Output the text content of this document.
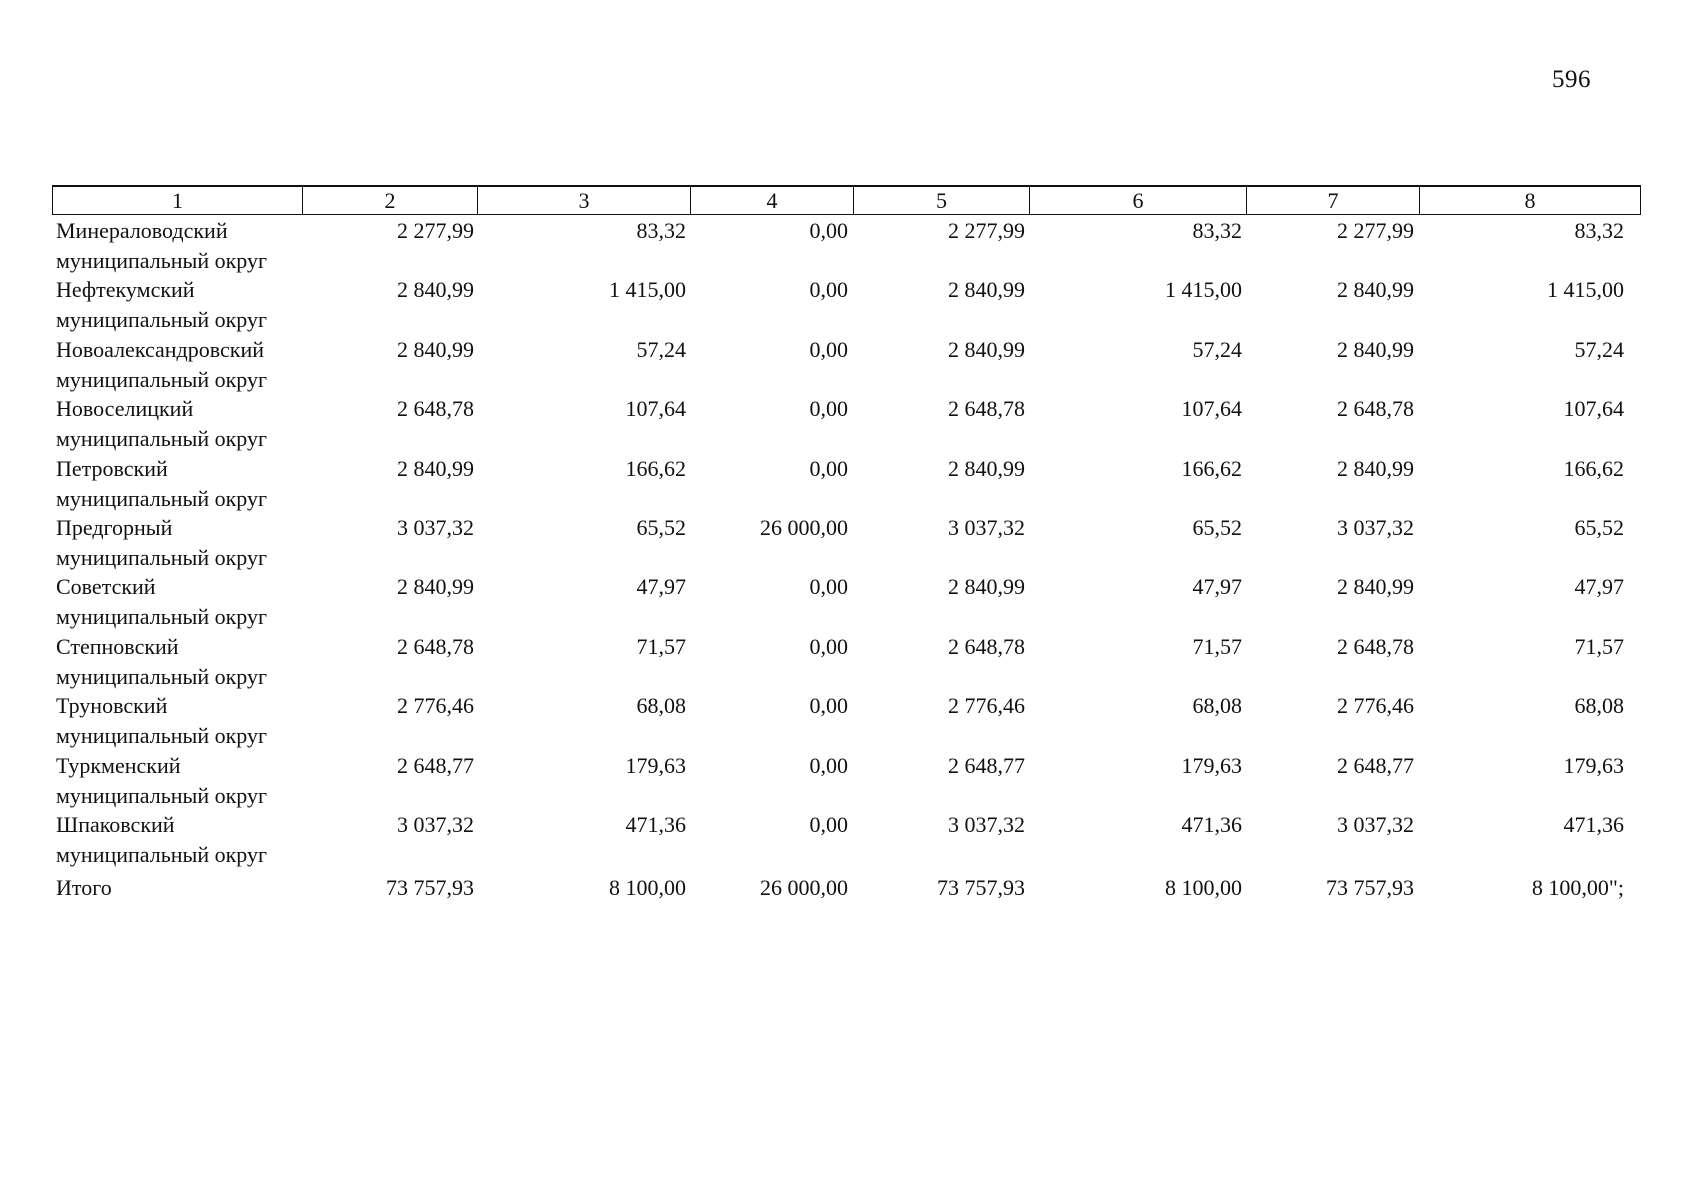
596
1	2	3	4	5	6	7	8
Минераловодский
муниципальный округ
2 277,99	83,32	0,00	2 277,99	83,32	2 277,99	83,32
Нефтекумский
муниципальный округ
2 840,99	1 415,00	0,00	2 840,99	1 415,00	2 840,99	1 415,00
Новоалександровский
муниципальный округ
2 840,99	57,24	0,00	2 840,99	57,24	2 840,99	57,24
Новоселицкий
муниципальный округ
2 648,78	107,64	0,00	2 648,78	107,64	2 648,78	107,64
Петровский
муниципальный округ
2 840,99	166,62	0,00	2 840,99	166,62	2 840,99	166,62
Предгорный
муниципальный округ
3 037,32	65,52	26 000,00	3 037,32	65,52	3 037,32	65,52
Советский
муниципальный округ
2 840,99	47,97	0,00	2 840,99	47,97	2 840,99	47,97
Степновский
муниципальный округ
2 648,78	71,57	0,00	2 648,78	71,57	2 648,78	71,57
Труновский
муниципальный округ
2 776,46	68,08	0,00	2 776,46	68,08	2 776,46	68,08
Туркменский
муниципальный округ
2 648,77	179,63	0,00	2 648,77	179,63	2 648,77	179,63
Шпаковский
муниципальный округ
3 037,32	471,36	0,00	3 037,32	471,36	3 037,32	471,36
Итого	73 757,93	8 100,00	26 000,00	73 757,93	8 100,00	73 757,93	8 100,00";
